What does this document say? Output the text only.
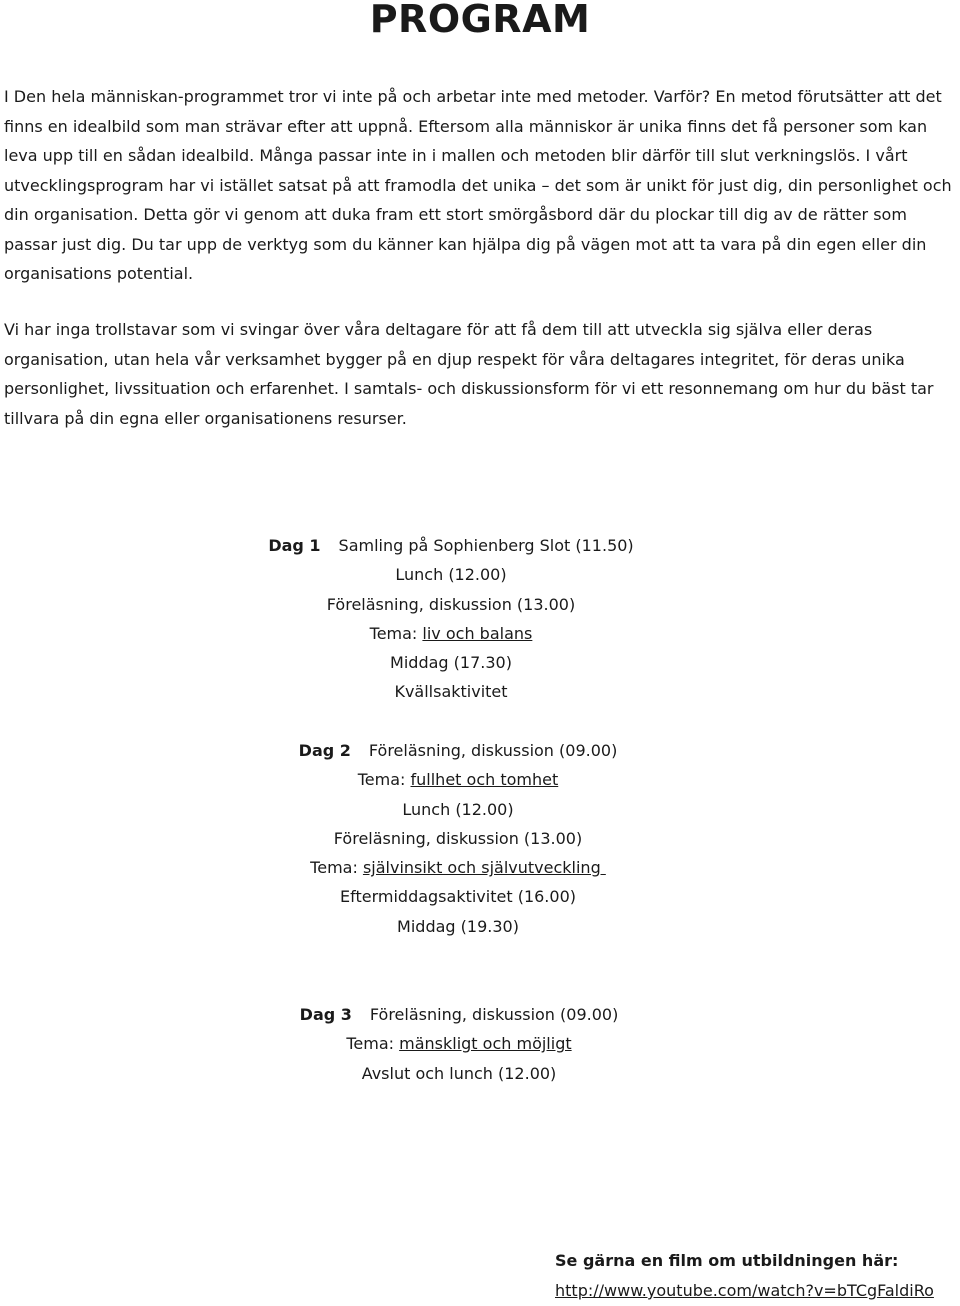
PROGRAM

I Den hela människan-programmet tror vi inte på och arbetar inte med metoder. Varför? En metod förutsätter att det finns en idealbild som man strävar efter att uppnå. Eftersom alla människor är unika finns det få personer som kan leva upp till en sådan idealbild. Många passar inte in i mallen och metoden blir därför till slut verkningslös. I vårt utvecklingsprogram har vi istället satsat på att framodla det unika – det som är unikt för just dig, din personlighet och din organisation. Detta gör vi genom att duka fram ett stort smörgåsbord där du plockar till dig av de rätter som passar just dig. Du tar upp de verktyg som du känner kan hjälpa dig på vägen mot att ta vara på din egen eller din organisations potential.

Vi har inga trollstavar som vi svingar över våra deltagare för att få dem till att utveckla sig själva eller deras organisation, utan hela vår verksamhet bygger på en djup respekt för våra deltagares integritet, för deras unika personlighet, livssituation och erfarenhet. I samtals- och diskussionsform för vi ett resonnemang om hur du bäst tar tillvara på din egna eller organisationens resurser.

Dag 1 Samling på Sophienberg Slot (11.50)
Lunch (12.00)
Föreläsning, diskussion (13.00)
Tema: liv och balans
Middag (17.30)
Kvällsaktivitet
Dag 2 Föreläsning, diskussion (09.00)
Tema: fullhet och tomhet
Lunch (12.00)
Föreläsning, diskussion (13.00)
Tema: självinsikt och självutveckling
Eftermiddagsaktivitet (16.00)
Middag (19.30)
Dag 3 Föreläsning, diskussion (09.00)
Tema: mänskligt och möjligt
Avslut och lunch (12.00)
Se gärna en film om utbildningen här:
http://www.youtube.com/watch?v=bTCgFaldiRo
